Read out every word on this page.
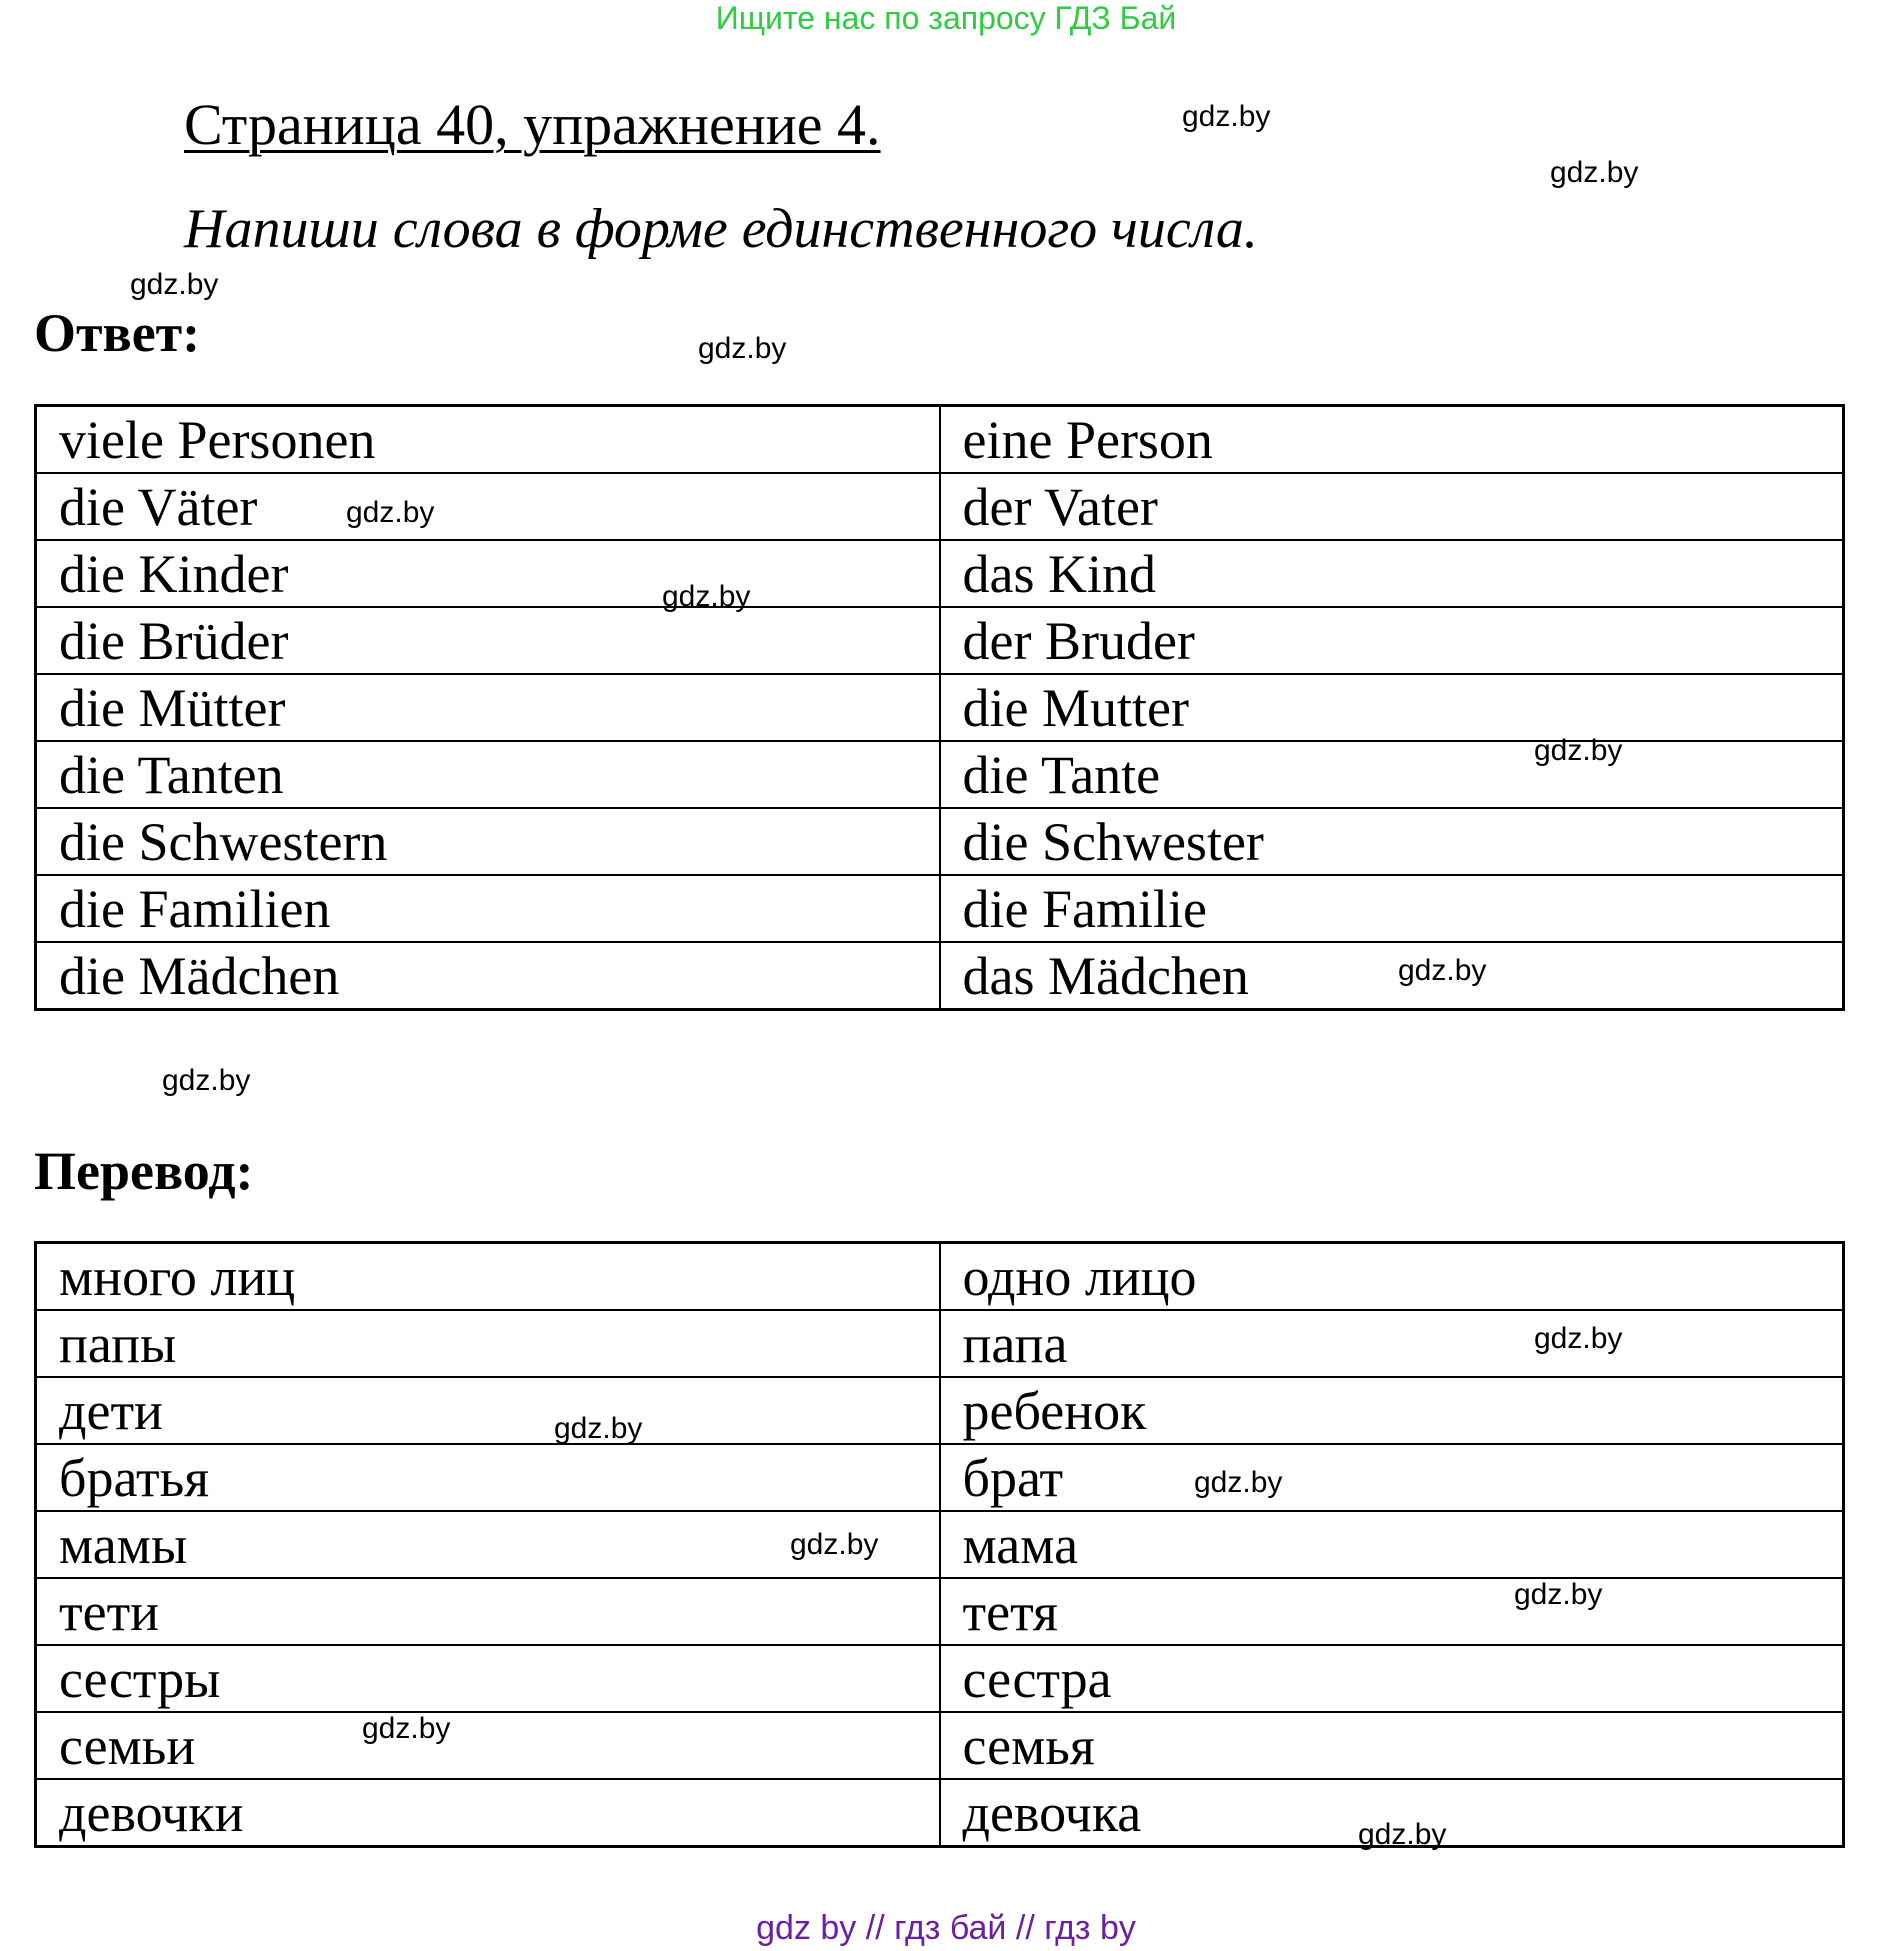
Ищите нас по запросу ГДЗ Бай
Страница 40, упражнение 4.
Напиши слова в форме единственного числа.
Ответ:
viele Personen	eine Person
die Väter	der Vater
die Kinder	das Kind
die Brüder	der Bruder
die Mütter	die Mutter
die Tanten	die Tante
die Schwestern	die Schwester
die Familien	die Familie
die Mädchen	das Mädchen
Перевод:
много лиц	одно лицо
папы	папа
дети	ребенок
братья	брат
мамы	мама
тети	тетя
сестры	сестра
семьи	семья
девочки	девочка
gdz.by
gdz.by
gdz.by
gdz.by
gdz.by
gdz.by
gdz.by
gdz.by
gdz.by
gdz.by
gdz.by
gdz.by
gdz.by
gdz.by
gdz.by
gdz.by
gdz by // гдз бай // гдз by
